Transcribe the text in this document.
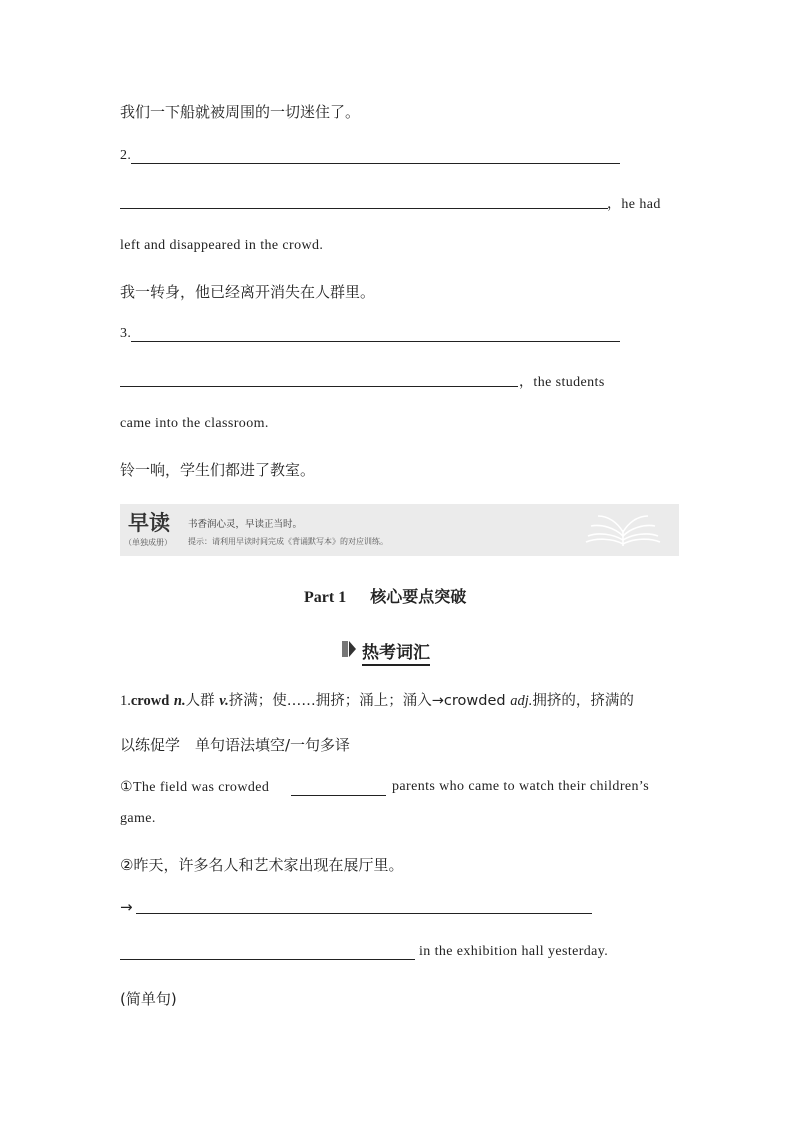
我们一下船就被周围的一切迷住了。
2.
，he had
left and disappeared in the crowd.
我一转身，他已经离开消失在人群里。
3.
，the students
came into the classroom.
铃一响，学生们都进了教室。
早读
（单独成册）
书香润心灵，早读正当时。
提示：请利用早读时间完成《背诵默写本》的对应训练。
Part 1 核心要点突破
热考词汇
1.crowd n.人群 v.挤满；使……拥挤；涌上；涌入→crowded adj.拥挤的，挤满的
以练促学　单句语法填空/一句多译
①The field was crowded	parents who came to watch their children’s
game.
②昨天，许多名人和艺术家出现在展厅里。
→
in the exhibition hall yesterday.
(简单句)
